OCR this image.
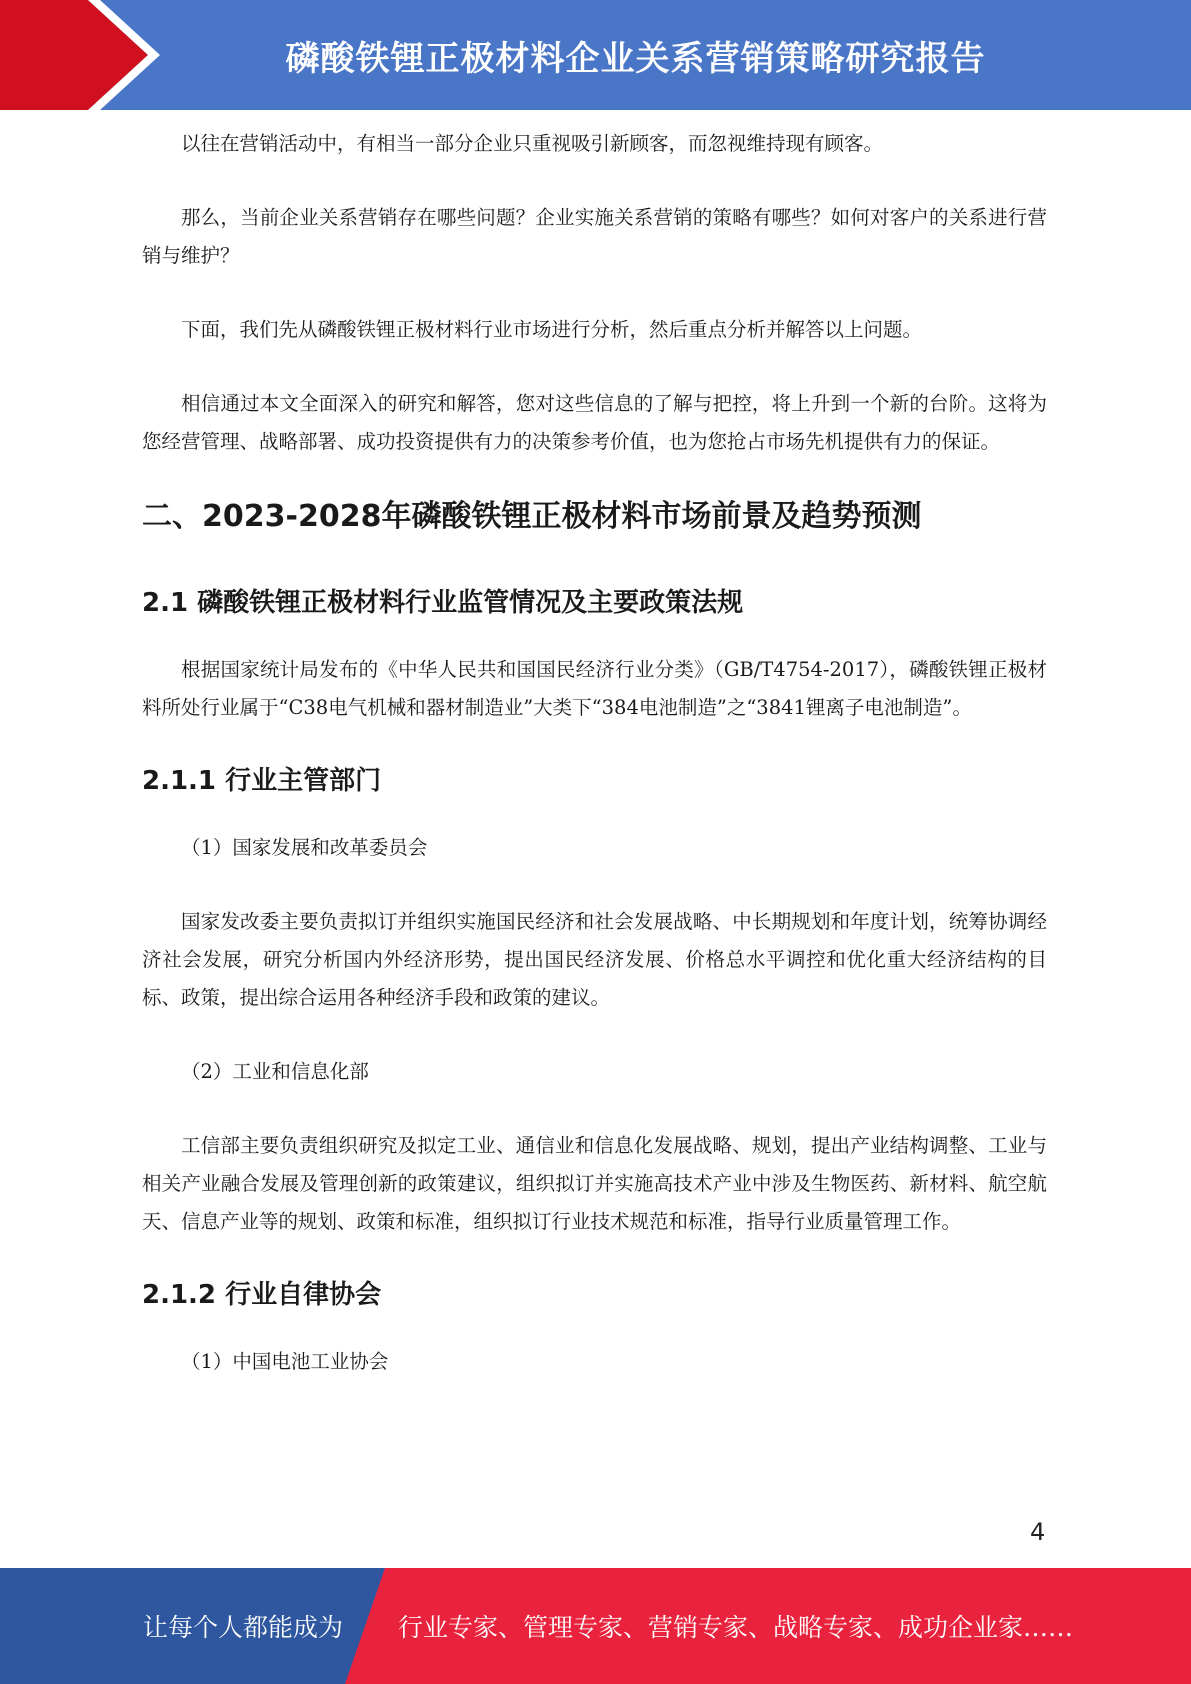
磷酸铁锂正极材料企业关系营销策略研究报告

以往在营销活动中，有相当一部分企业只重视吸引新顾客，而忽视维持现有顾客。

那么，当前企业关系营销存在哪些问题？企业实施关系营销的策略有哪些？如何对客户的关系进行营销与维护？

下面，我们先从磷酸铁锂正极材料行业市场进行分析，然后重点分析并解答以上问题。

相信通过本文全面深入的研究和解答，您对这些信息的了解与把控，将上升到一个新的台阶。这将为您经营管理、战略部署、成功投资提供有力的决策参考价值，也为您抢占市场先机提供有力的保证。

二、2023-2028年磷酸铁锂正极材料市场前景及趋势预测
2.1 磷酸铁锂正极材料行业监管情况及主要政策法规

根据国家统计局发布的《中华人民共和国国民经济行业分类》（GB/T4754-2017），磷酸铁锂正极材料所处行业属于“C38电气机械和器材制造业”大类下“384电池制造”之“3841锂离子电池制造”。

2.1.1 行业主管部门

（1）国家发展和改革委员会

国家发改委主要负责拟订并组织实施国民经济和社会发展战略、中长期规划和年度计划，统筹协调经济社会发展，研究分析国内外经济形势，提出国民经济发展、价格总水平调控和优化重大经济结构的目标、政策，提出综合运用各种经济手段和政策的建议。

（2）工业和信息化部

工信部主要负责组织研究及拟定工业、通信业和信息化发展战略、规划，提出产业结构调整、工业与相关产业融合发展及管理创新的政策建议，组织拟订并实施高技术产业中涉及生物医药、新材料、航空航天、信息产业等的规划、政策和标准，组织拟订行业技术规范和标准，指导行业质量管理工作。

2.1.2 行业自律协会

（1）中国电池工业协会

4
让每个人都能成为 行业专家、管理专家、营销专家、战略专家、成功企业家……
